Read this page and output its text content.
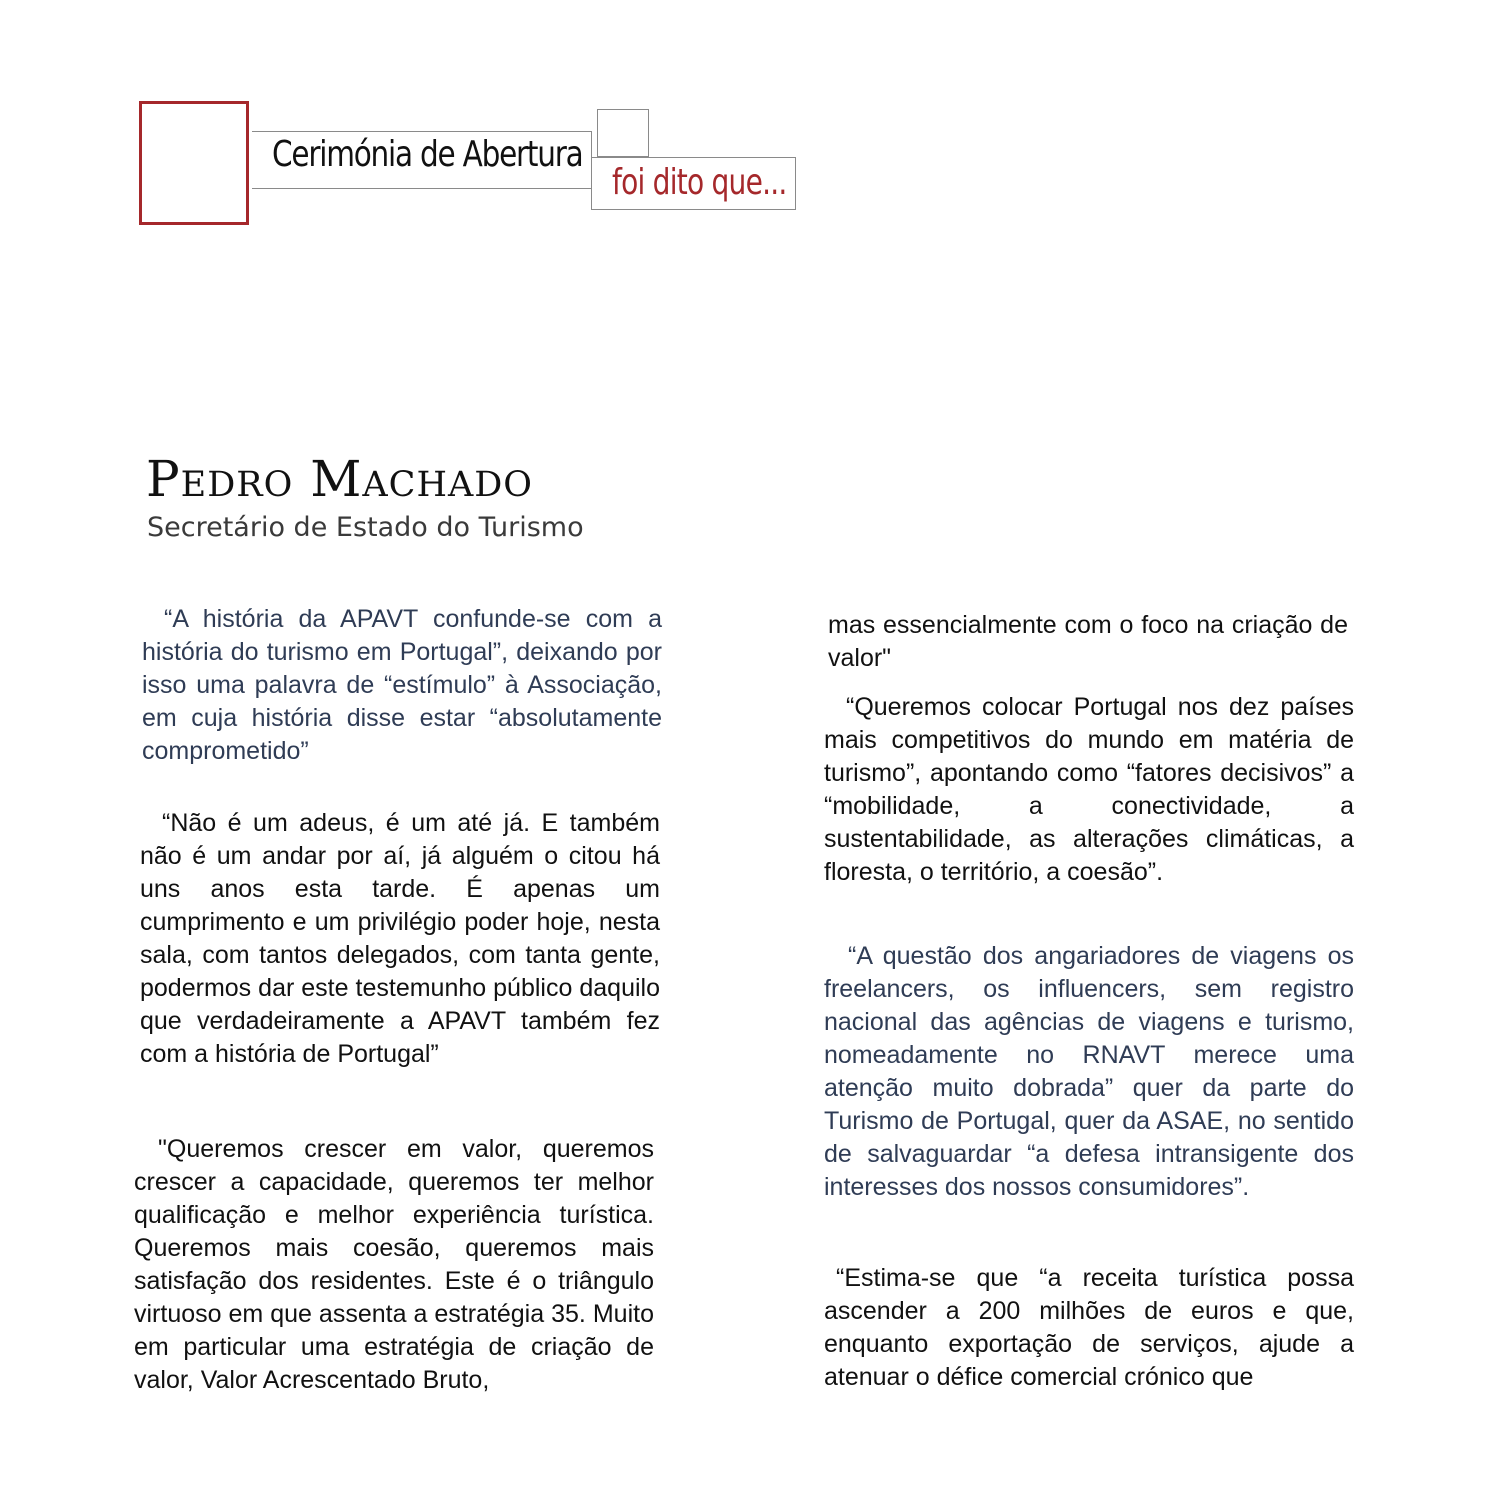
Cerimónia de Abertura
foi dito que...
Pedro Machado
Secretário de Estado do Turismo

“A história da APAVT confunde-se com a história do turismo em Portugal”, deixando por isso uma palavra de “estímulo” à Associação, em cuja história disse estar “absolutamente comprometido”

“Não é um adeus, é um até já. E também não é um andar por aí, já alguém o citou há uns anos esta tarde. É apenas um cumprimento e um privilégio poder hoje, nesta sala, com tantos delegados, com tanta gente, podermos dar este testemunho público daquilo que verdadeiramente a APAVT também fez com a história de Portugal”

"Queremos crescer em valor, queremos crescer a capacidade, queremos ter melhor qualificação e melhor experiência turística. Queremos mais coesão, queremos mais satisfação dos residentes. Este é o triângulo virtuoso em que assenta a estratégia 35. Muito em particular uma estratégia de criação de valor, Valor Acrescentado Bruto,

mas essencialmente com o foco na criação de valor"

“Queremos colocar Portugal nos dez países mais competitivos do mundo em matéria de turismo”, apontando como “fatores decisivos” a “mobilidade, a conectividade, a sustentabilidade, as alterações climáticas, a floresta, o território, a coesão”.

“A questão dos angariadores de viagens os freelancers, os influencers, sem registro nacional das agências de viagens e turismo, nomeadamente no RNAVT merece uma atenção muito dobrada” quer da parte do Turismo de Portugal, quer da ASAE, no sentido de salvaguardar “a defesa intransigente dos interesses dos nossos consumidores”.

“Estima-se que “a receita turística possa ascender a 200 milhões de euros e que, enquanto exportação de serviços, ajude a atenuar o défice comercial crónico que
